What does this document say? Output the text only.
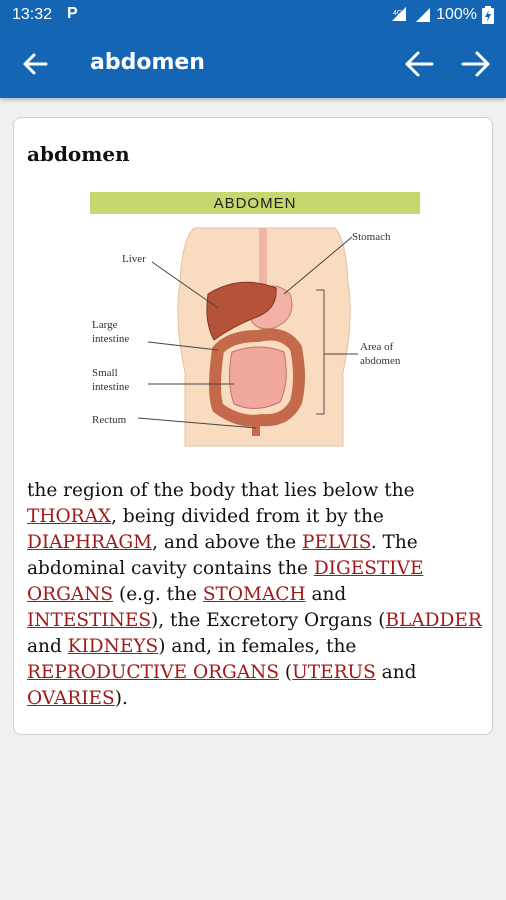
13:32 P	4G 100%
abdomen
abdomen
ABDOMEN
Liver
Stomach
Large
intestine
Small
intestine
Rectum
Area of
abdomen
the region of the body that lies below the THORAX, being divided from it by the DIAPHRAGM, and above the PELVIS. The abdominal cavity contains the DIGESTIVE ORGANS (e.g. the STOMACH and INTESTINES), the Excretory Organs (BLADDER and KIDNEYS) and, in females, the REPRODUCTIVE ORGANS (UTERUS and OVARIES).
